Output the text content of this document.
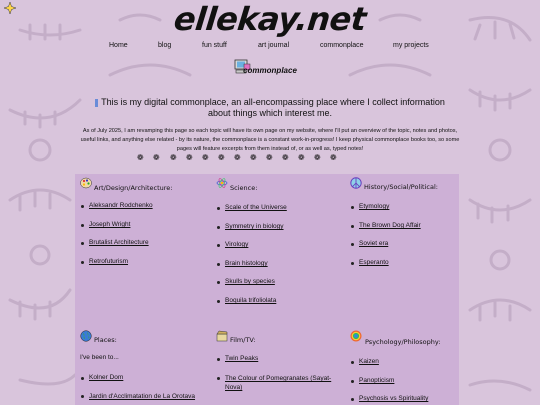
ellekay.net
Home	blog	fun stuff	art journal	commonplace	my projects
commonplace
This is my digital commonplace, an all-encompassing place where I collect information about things which interest me.
As of July 2025, I am revamping this page so each topic will have its own page on my website, where I'll put an overview of the topic, notes and photos, useful links, and anything else related - by its nature, the commonplace is a constant work-in-progress! I keep physical commonplace books too, so some pages will feature excerpts from them instead of, or as well as, typed notes!
❁ ❁ ❁ ❁ ❁ ❁ ❁ ❁ ❁ ❁ ❁ ❁ ❁
Art/Design/Architecture:
Aleksandr Rodchenko
Joseph Wright
Brutalist Architecture
Retrofuturism
Science:
Scale of the Universe
Symmetry in biology
Virology
Brain histology
Skulls by species
Boquila trifoliolata
History/Social/Political:
Etymology
The Brown Dog Affair
Soviet era
Esperanto
Places:
I've been to...
Kolner Dom
Jardin d'Acclimatation de La Orotava
Film/TV:
Twin Peaks
The Colour of Pomegranates (Sayat-Nova)
Psychology/Philosophy:
Kaizen
Panopticism
Psychosis vs Spirituality
